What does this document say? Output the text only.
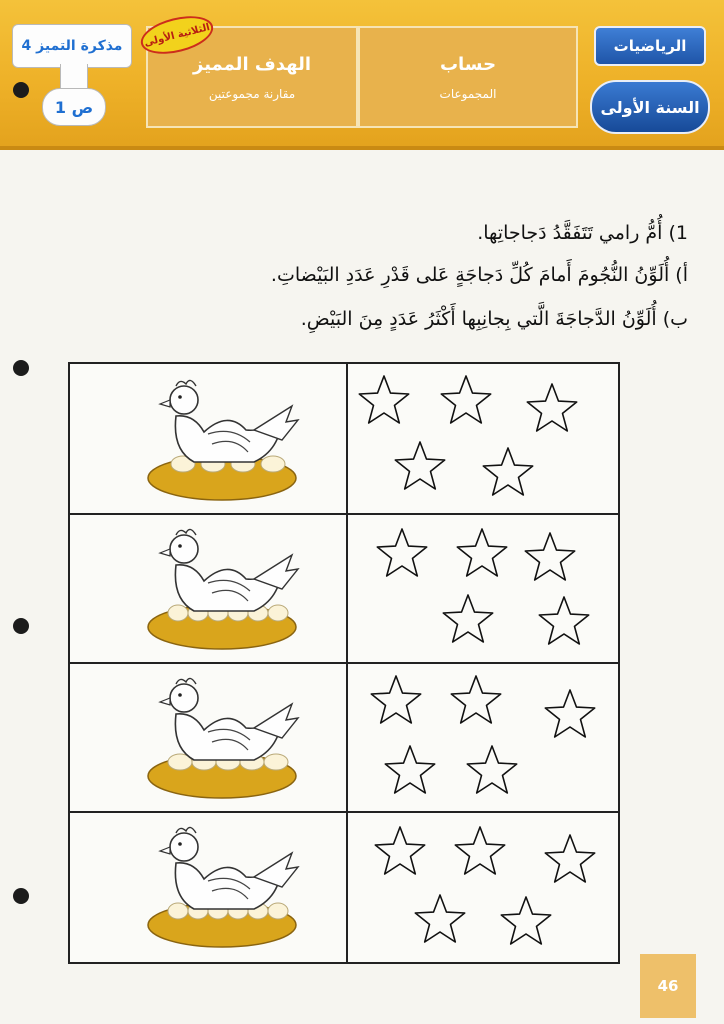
الرياضيات
السنة الأولى
حساب
المجموعات
الهدف المميز
مقارنة مجموعتين
الثلاثية الأولى
مذكرة التميز 4
ص 1
1) أُمُّ رامي تَتَفَقَّدُ دَجاجاتِها.
أ) أُلَوِّنُ النُّجُومَ أَمامَ كُلِّ دَجاجَةٍ عَلى قَدْرِ عَدَدِ البَيْضاتِ.
ب) أُلَوِّنُ الدَّجاجَةَ الَّتي بِجانِبِها أَكْثَرُ عَدَدٍ مِنَ البَيْضِ.
46
